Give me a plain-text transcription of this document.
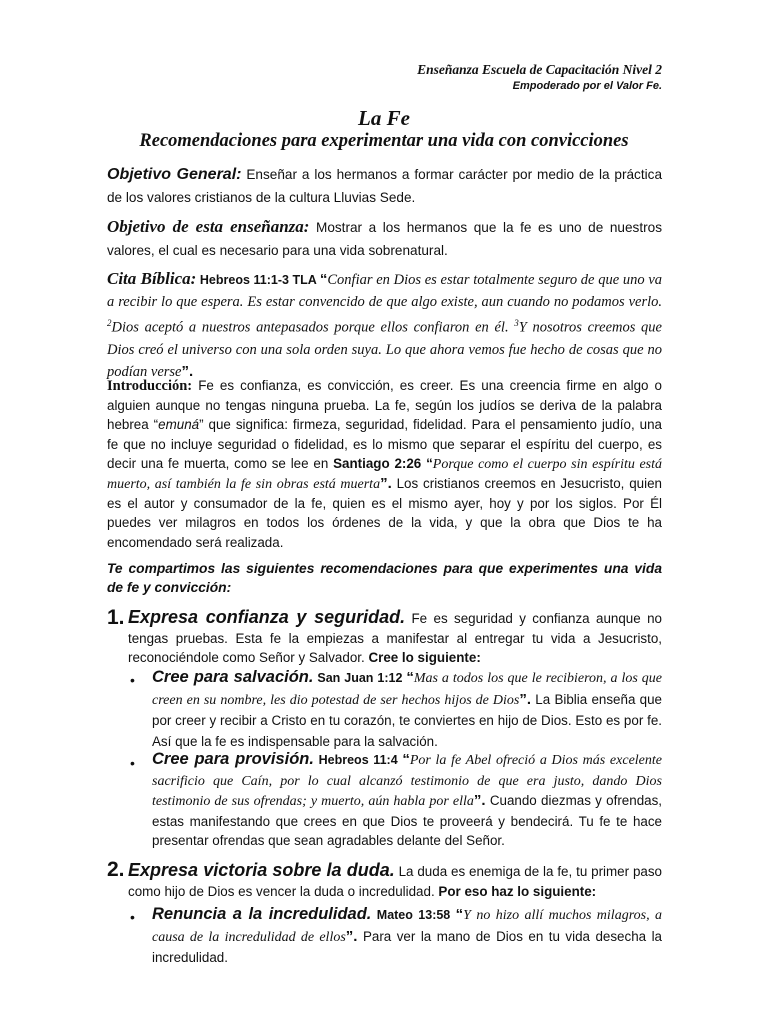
Enseñanza Escuela de Capacitación Nivel 2
Empoderado por el Valor Fe.
La Fe
Recomendaciones para experimentar una vida con convicciones
Objetivo General: Enseñar a los hermanos a formar carácter por medio de la práctica de los valores cristianos de la cultura Lluvias Sede.
Objetivo de esta enseñanza: Mostrar a los hermanos que la fe es uno de nuestros valores, el cual es necesario para una vida sobrenatural.
Cita Bíblica: Hebreos 11:1-3 TLA “Confiar en Dios es estar totalmente seguro de que uno va a recibir lo que espera. Es estar convencido de que algo existe, aun cuando no podamos verlo. $^2$Dios aceptó a nuestros antepasados porque ellos confiaron en él. $^3$Y nosotros creemos que Dios creó el universo con una sola orden suya. Lo que ahora vemos fue hecho de cosas que no podían verse”.
Introducción: Fe es confianza, es convicción, es creer. Es una creencia firme en algo o alguien aunque no tengas ninguna prueba. La fe, según los judíos se deriva de la palabra hebrea “emuná” que significa: firmeza, seguridad, fidelidad. Para el pensamiento judío, una fe que no incluye seguridad o fidelidad, es lo mismo que separar el espíritu del cuerpo, es decir una fe muerta, como se lee en Santiago 2:26 “Porque como el cuerpo sin espíritu está muerto, así también la fe sin obras está muerta”. Los cristianos creemos en Jesucristo, quien es el autor y consumador de la fe, quien es el mismo ayer, hoy y por los siglos. Por Él puedes ver milagros en todos los órdenes de la vida, y que la obra que Dios te ha encomendado será realizada.
Te compartimos las siguientes recomendaciones para que experimentes una vida de fe y convicción:
1. Expresa confianza y seguridad. Fe es seguridad y confianza aunque no tengas pruebas. Esta fe la empiezas a manifestar al entregar tu vida a Jesucristo, reconociéndole como Señor y Salvador. Cree lo siguiente:
• Cree para salvación. San Juan 1:12 “Mas a todos los que le recibieron, a los que creen en su nombre, les dio potestad de ser hechos hijos de Dios”. La Biblia enseña que por creer y recibir a Cristo en tu corazón, te conviertes en hijo de Dios. Esto es por fe. Así que la fe es indispensable para la salvación.
• Cree para provisión. Hebreos 11:4 “Por la fe Abel ofreció a Dios más excelente sacrificio que Caín, por lo cual alcanzó testimonio de que era justo, dando Dios testimonio de sus ofrendas; y muerto, aún habla por ella”. Cuando diezmas y ofrendas, estas manifestando que crees en que Dios te proveerá y bendecirá. Tu fe te hace presentar ofrendas que sean agradables delante del Señor.
2. Expresa victoria sobre la duda. La duda es enemiga de la fe, tu primer paso como hijo de Dios es vencer la duda o incredulidad. Por eso haz lo siguiente:
• Renuncia a la incredulidad. Mateo 13:58 “Y no hizo allí muchos milagros, a causa de la incredulidad de ellos”. Para ver la mano de Dios en tu vida desecha la incredulidad.
